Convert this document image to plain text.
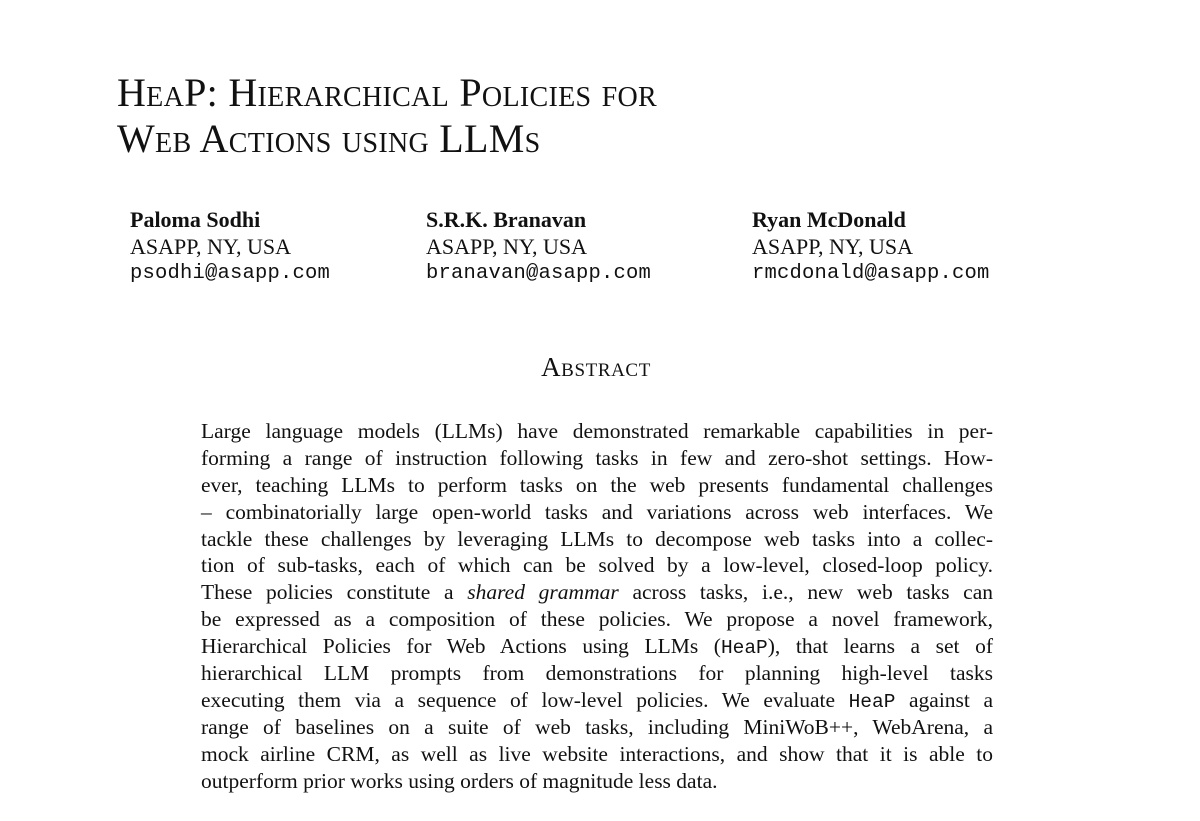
HeaP: Hierarchical Policies for
Web Actions using LLMs
Paloma Sodhi
ASAPP, NY, USA
psodhi@asapp.com
S.R.K. Branavan
ASAPP, NY, USA
branavan@asapp.com
Ryan McDonald
ASAPP, NY, USA
rmcdonald@asapp.com
Abstract
Large language models (LLMs) have demonstrated remarkable capabilities in per-
forming a range of instruction following tasks in few and zero-shot settings. How-
ever, teaching LLMs to perform tasks on the web presents fundamental challenges
– combinatorially large open-world tasks and variations across web interfaces. We
tackle these challenges by leveraging LLMs to decompose web tasks into a collec-
tion of sub-tasks, each of which can be solved by a low-level, closed-loop policy.
These policies constitute a shared grammar across tasks, i.e., new web tasks can
be expressed as a composition of these policies. We propose a novel framework,
Hierarchical Policies for Web Actions using LLMs (HeaP), that learns a set of
hierarchical LLM prompts from demonstrations for planning high-level tasks
executing them via a sequence of low-level policies. We evaluate HeaP against a
range of baselines on a suite of web tasks, including MiniWoB++, WebArena, a
mock airline CRM, as well as live website interactions, and show that it is able to
outperform prior works using orders of magnitude less data.
